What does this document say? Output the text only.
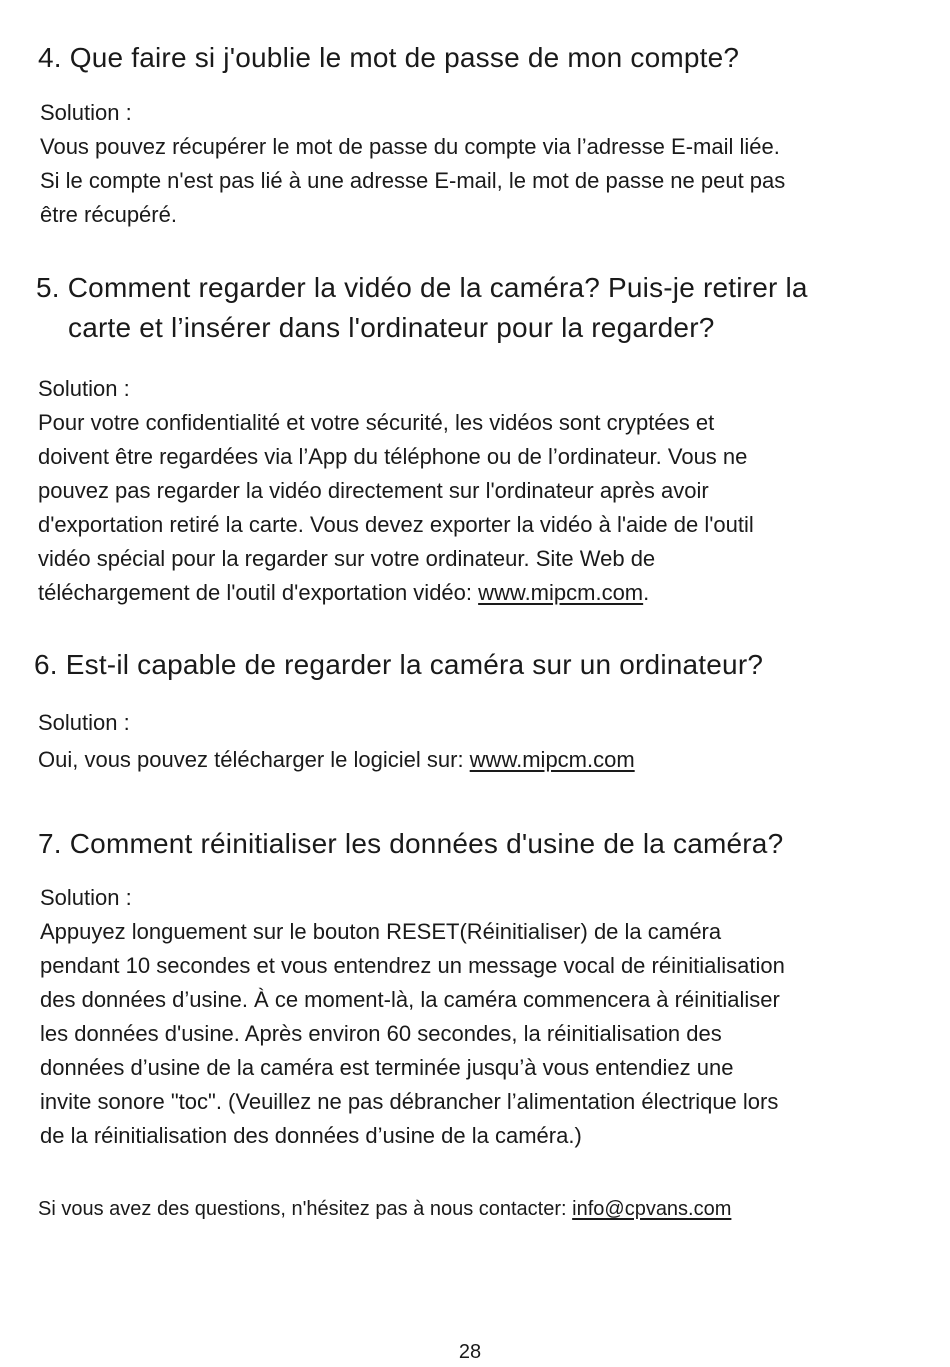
4. Que faire si j'oublie le mot de passe de mon compte?

Solution :

Vous pouvez récupérer le mot de passe du compte via l’adresse E-mail liée.
Si le compte n'est pas lié à une adresse E-mail, le mot de passe ne peut pas
être récupéré.
5. Comment regarder la vidéo de la caméra? Puis-je retirer la
carte et l’insérer dans l'ordinateur pour la regarder?

Solution :

Pour votre confidentialité et votre sécurité, les vidéos sont cryptées et
doivent être regardées via l’App du téléphone ou de l’ordinateur. Vous ne
pouvez pas regarder la vidéo directement sur l'ordinateur après avoir
d'exportation retiré la carte. Vous devez exporter la vidéo à l'aide de l'outil
vidéo spécial pour la regarder sur votre ordinateur. Site Web de
téléchargement de l'outil d'exportation vidéo: www.mipcm.com.
6. Est-il capable de regarder la caméra sur un ordinateur?

Solution :

Oui, vous pouvez télécharger le logiciel sur: www.mipcm.com
7. Comment réinitialiser les données d'usine de la caméra?

Solution :

Appuyez longuement sur le bouton RESET(Réinitialiser) de la caméra
pendant 10 secondes et vous entendrez un message vocal de réinitialisation
des données d’usine. À ce moment-là, la caméra commencera à réinitialiser
les données d'usine. Après environ 60 secondes, la réinitialisation des
données d’usine de la caméra est terminée jusqu’à vous entendiez une
invite sonore "toc". (Veuillez ne pas débrancher l’alimentation électrique lors
de la réinitialisation des données d’usine de la caméra.)
Si vous avez des questions, n'hésitez pas à nous contacter: info@cpvans.com
28
